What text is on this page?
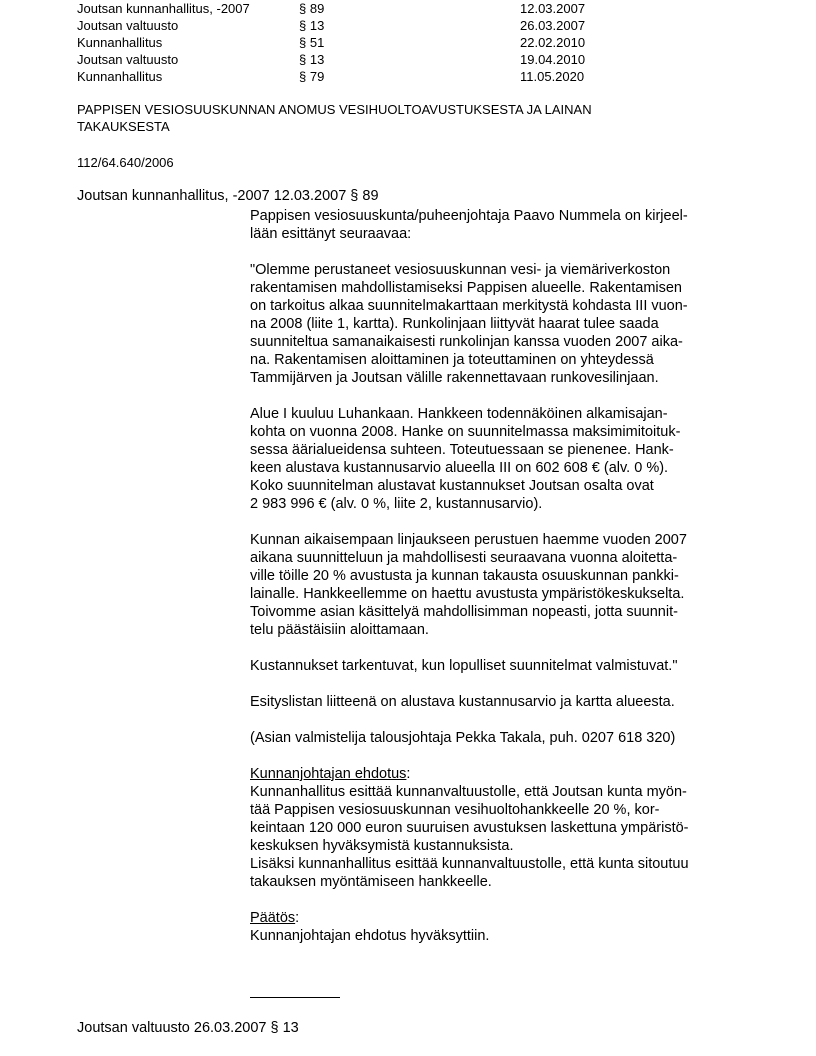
Joutsan kunnanhallitus, -2007	§ 89	12.03.2007
Joutsan valtuusto	§ 13	26.03.2007
Kunnanhallitus	§ 51	22.02.2010
Joutsan valtuusto	§ 13	19.04.2010
Kunnanhallitus	§ 79	11.05.2020
PAPPISEN VESIOSUUSKUNNAN ANOMUS VESIHUOLTOAVUSTUKSESTA JA LAINAN
TAKAUKSESTA
112/64.640/2006
Joutsan kunnanhallitus, -2007 12.03.2007 § 89
Pappisen vesiosuuskunta/puheenjohtaja Paavo Nummela on kirjeel-
lään esittänyt seuraavaa:
"Olemme perustaneet vesiosuuskunnan vesi- ja viemäriverkoston
rakentamisen mahdollistamiseksi Pappisen alueelle. Rakentamisen
on tarkoitus alkaa suunnitelmakarttaan merkitystä kohdasta III vuon-
na 2008 (liite 1, kartta). Runkolinjaan liittyvät haarat tulee saada
suunniteltua samanaikaisesti runkolinjan kanssa vuoden 2007 aika-
na. Rakentamisen aloittaminen ja toteuttaminen on yhteydessä
Tammijärven ja Joutsan välille rakennettavaan runkovesilinjaan.
Alue I kuuluu Luhankaan. Hankkeen todennäköinen alkamisajan-
kohta on vuonna 2008. Hanke on suunnitelmassa maksimimitoituk-
sessa äärialueidensa suhteen. Toteutuessaan se pienenee. Hank-
keen alustava kustannusarvio alueella III on 602 608 € (alv. 0 %).
Koko suunnitelman alustavat kustannukset Joutsan osalta ovat
2 983 996 € (alv. 0 %, liite 2, kustannusarvio).
Kunnan aikaisempaan linjaukseen perustuen haemme vuoden 2007
aikana suunnitteluun ja mahdollisesti seuraavana vuonna aloitetta-
ville töille 20 % avustusta ja kunnan takausta osuuskunnan pankki-
lainalle. Hankkeellemme on haettu avustusta ympäristökeskukselta.
Toivomme asian käsittelyä mahdollisimman nopeasti, jotta suunnit-
telu päästäisiin aloittamaan.
Kustannukset tarkentuvat, kun lopulliset suunnitelmat valmistuvat."
Esityslistan liitteenä on alustava kustannusarvio ja kartta alueesta.
(Asian valmistelija talousjohtaja Pekka Takala, puh. 0207 618 320)
Kunnanjohtajan ehdotus:
Kunnanhallitus esittää kunnanvaltuustolle, että Joutsan kunta myön-
tää Pappisen vesiosuuskunnan vesihuoltohankkeelle 20 %, kor-
keintaan 120 000 euron suuruisen avustuksen laskettuna ympäristö-
keskuksen hyväksymistä kustannuksista.
Lisäksi kunnanhallitus esittää kunnanvaltuustolle, että kunta sitoutuu
takauksen myöntämiseen hankkeelle.
Päätös:
Kunnanjohtajan ehdotus hyväksyttiin.
Joutsan valtuusto 26.03.2007 § 13
